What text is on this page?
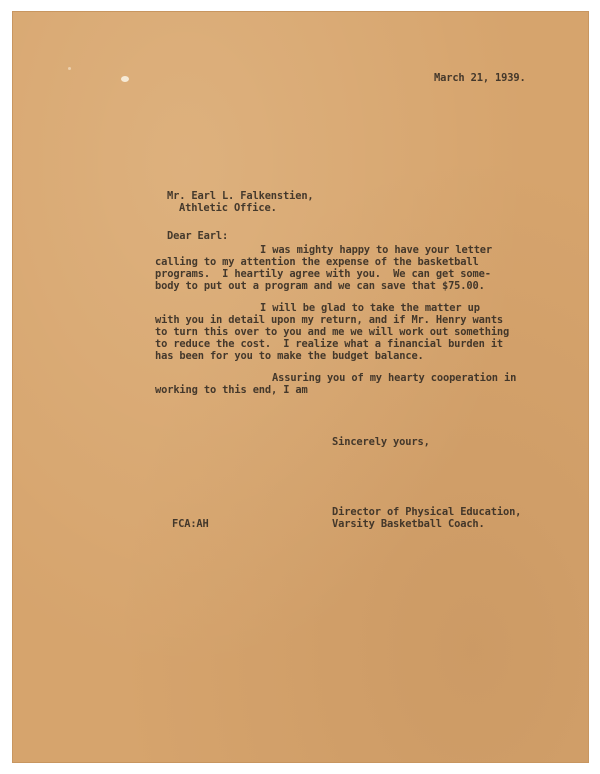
March 21, 1939.
Mr. Earl L. Falkenstien,
Athletic Office.
Dear Earl:
I was mighty happy to have your letter
calling to my attention the expense of the basketball
programs.  I heartily agree with you.  We can get some-
body to put out a program and we can save that $75.00.
I will be glad to take the matter up
with you in detail upon my return, and if Mr. Henry wants
to turn this over to you and me we will work out something
to reduce the cost.  I realize what a financial burden it
has been for you to make the budget balance.
Assuring you of my hearty cooperation in
working to this end, I am
Sincerely yours,
Director of Physical Education,
Varsity Basketball Coach.
FCA:AH
